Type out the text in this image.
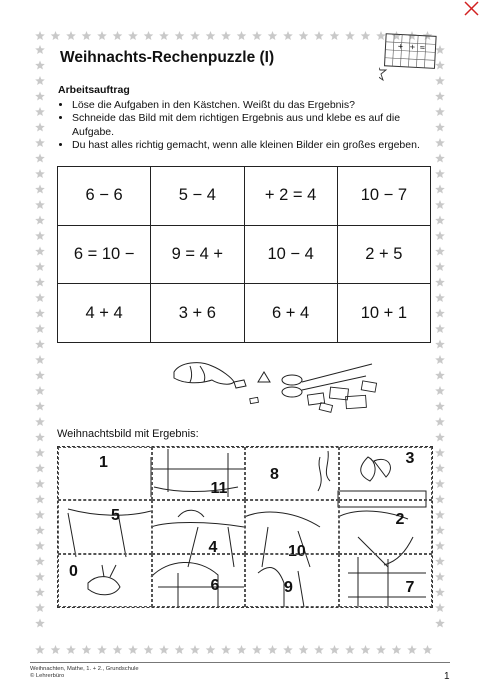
Weihnachts-Rechenpuzzle (I)
+ + =
Arbeitsauftrag
• Löse die Aufgaben in den Kästchen. Weißt du das Ergebnis?
• Schneide das Bild mit dem richtigen Ergebnis aus und klebe es auf die Aufgabe.
• Du hast alles richtig gemacht, wenn alle kleinen Bilder ein großes ergeben.
6 − 6	5 − 4	+ 2 = 4	10 − 7
6 = 10 −	9 = 4 +	10 − 4	2 + 5
4 + 4	3 + 6	6 + 4	10 + 1
Weihnachtsbild mit Ergebnis:
1
11
8
3
5
4	10
2
0
6	9	7
Weihnachten, Mathe, 1. + 2., Grundschule
© Lehrerbüro	1
